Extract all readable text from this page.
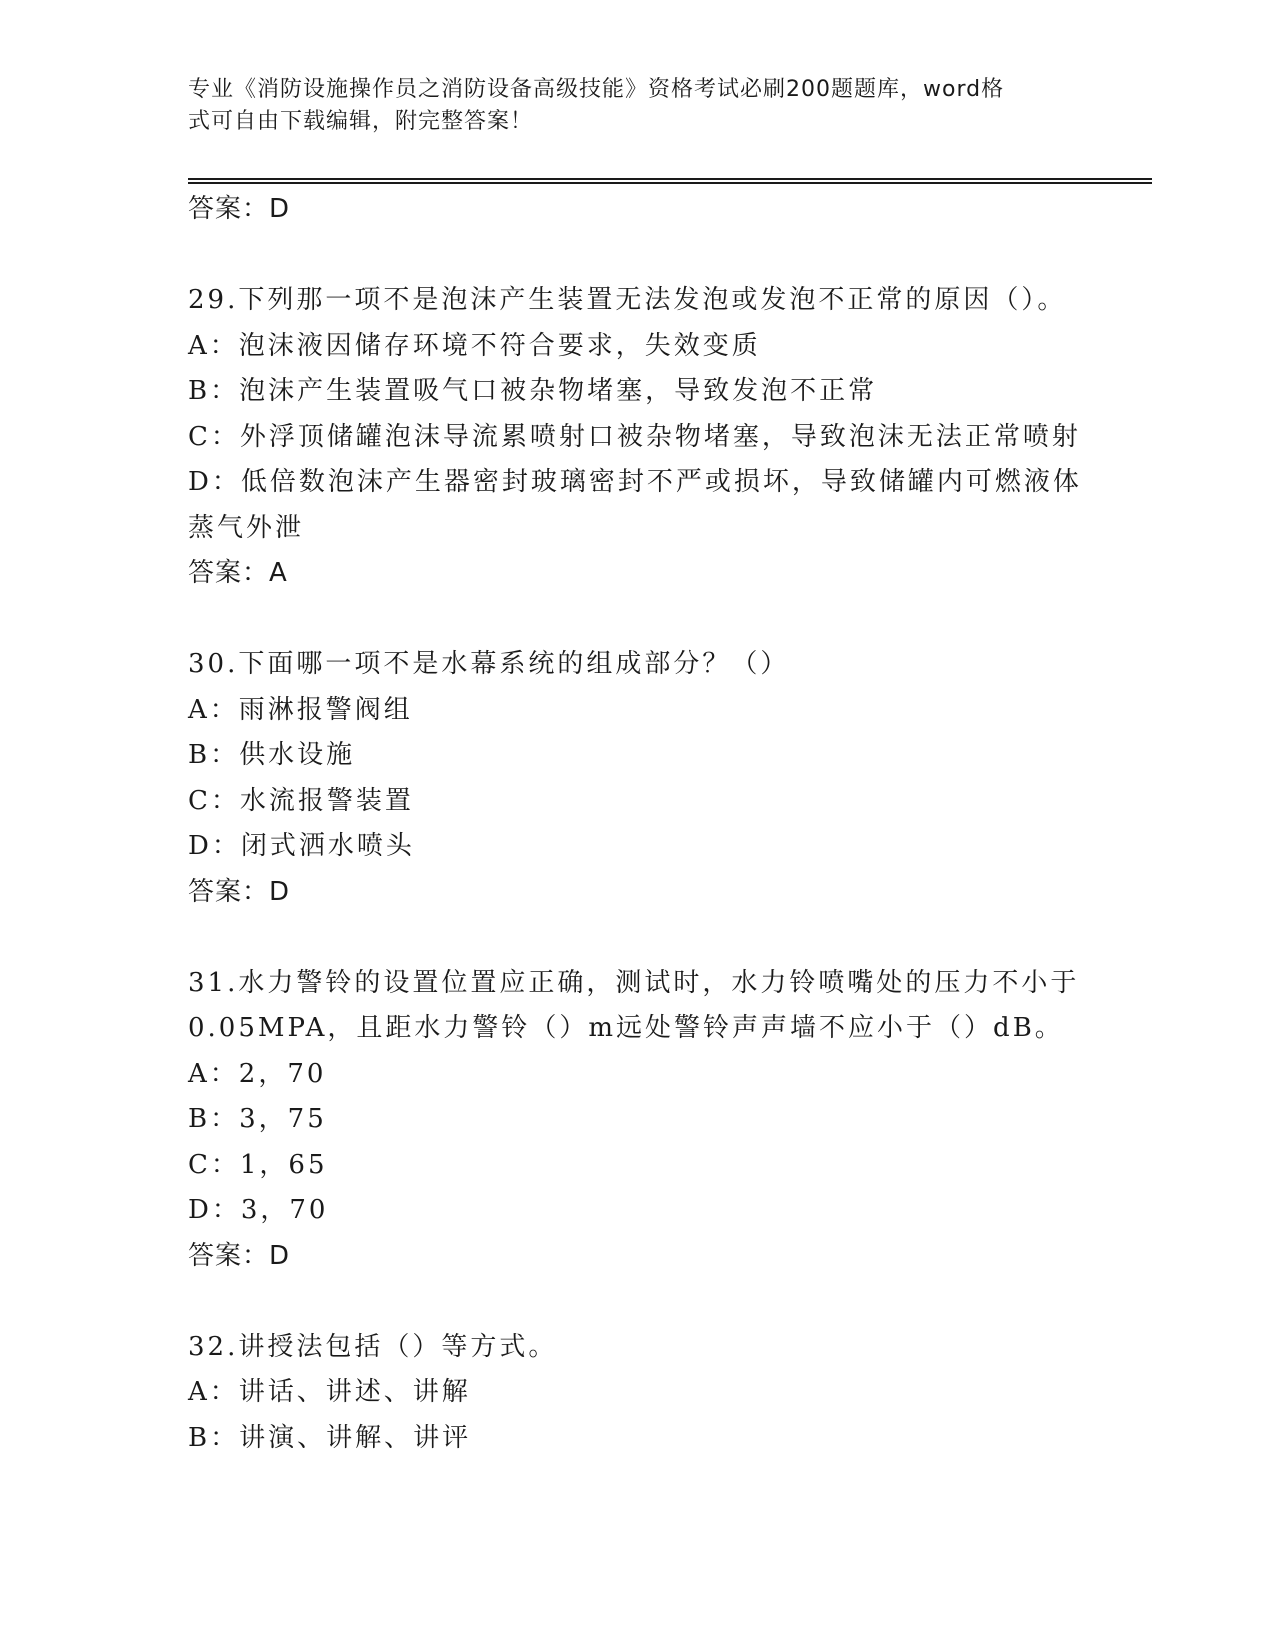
专业《消防设施操作员之消防设备高级技能》资格考试必刷200题题库，word格
式可自由下载编辑，附完整答案！
答案：D
29.下列那一项不是泡沫产生装置无法发泡或发泡不正常的原因（）。
A：泡沫液因储存环境不符合要求，失效变质
B：泡沫产生装置吸气口被杂物堵塞，导致发泡不正常
C：外浮顶储罐泡沫导流累喷射口被杂物堵塞，导致泡沫无法正常喷射
D：低倍数泡沫产生器密封玻璃密封不严或损坏，导致储罐内可燃液体
蒸气外泄
答案：A
30.下面哪一项不是水幕系统的组成部分？（）
A：雨淋报警阀组
B：供水设施
C：水流报警装置
D：闭式洒水喷头
答案：D
31.水力警铃的设置位置应正确，测试时，水力铃喷嘴处的压力不小于
0.05MPA，且距水力警铃（）m远处警铃声声墙不应小于（）dB。
A：2，70
B：3，75
C：1，65
D：3，70
答案：D
32.讲授法包括（）等方式。
A：讲话、讲述、讲解
B：讲演、讲解、讲评
